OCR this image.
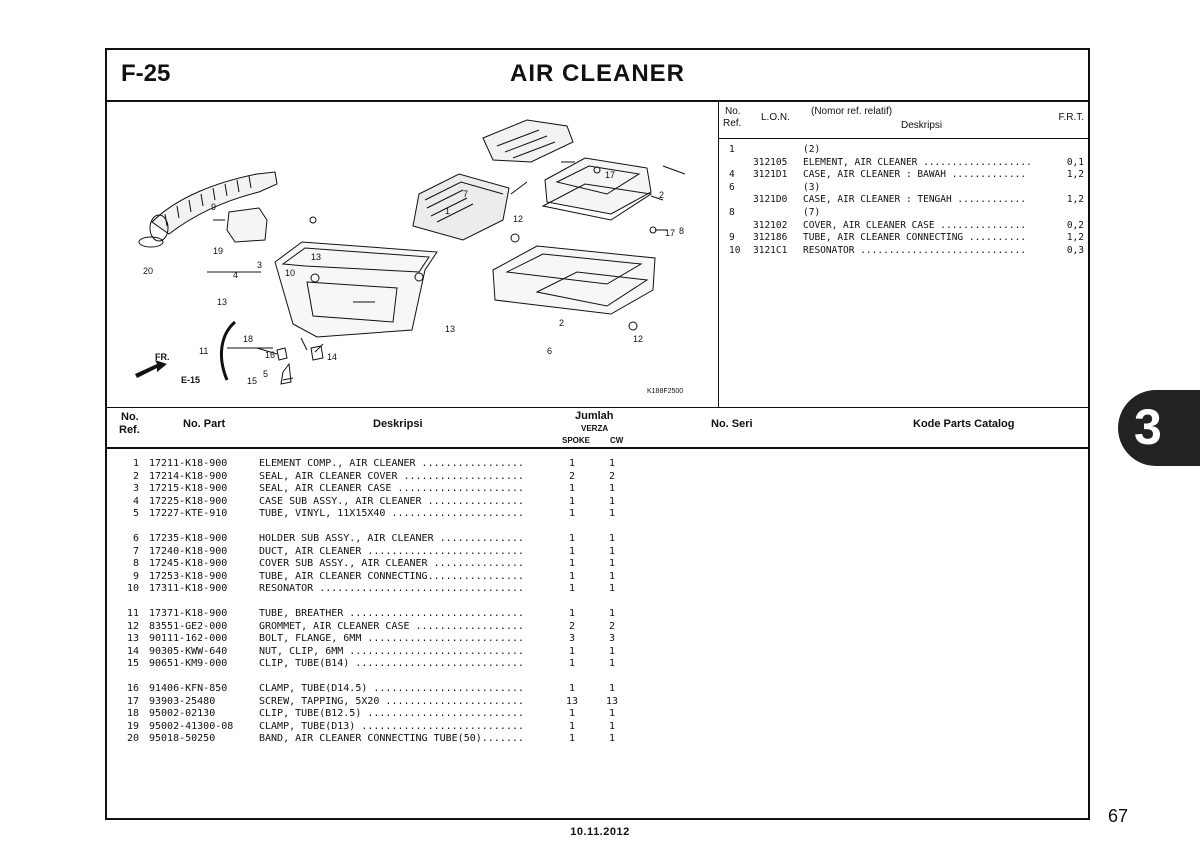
F-25	AIR CLEANER
FR.
E-15
K188F2500
1
2
2
3
4
5
6
7
8
9
10
11
12
12
13
13
13
14
15
16
17
17
18
19
20
No.
Ref.
L.O.N.
(Nomor ref. relatif)
Deskripsi
F.R.T.
1	(2)
312105 ELEMENT, AIR CLEANER ...................	0,1
4 3121D1 CASE, AIR CLEANER : BAWAH .............	1,2
6	(3)
3121D0 CASE, AIR CLEANER : TENGAH ............	1,2
8	(7)
312102 COVER, AIR CLEANER CASE ...............	0,2
9 312186 TUBE, AIR CLEANER CONNECTING ..........	1,2
10 3121C1 RESONATOR .............................	0,3
No.
Ref.	No. Part	Deskripsi
Jumlah
VERZA
SPOKE CW
No. Seri	Kode Parts Catalog
1 17211-K18-900	ELEMENT COMP., AIR CLEANER .................	1	1
2 17214-K18-900	SEAL, AIR CLEANER COVER ....................	2	2
3 17215-K18-900	SEAL, AIR CLEANER CASE .....................	1	1
4 17225-K18-900	CASE SUB ASSY., AIR CLEANER ................	1	1
5 17227-KTE-910	TUBE, VINYL, 11X15X40 ......................	1	1
6 17235-K18-900	HOLDER SUB ASSY., AIR CLEANER ..............	1	1
7 17240-K18-900	DUCT, AIR CLEANER ..........................	1	1
8 17245-K18-900	COVER SUB ASSY., AIR CLEANER ...............	1	1
9 17253-K18-900	TUBE, AIR CLEANER CONNECTING................	1	1
10 17311-K18-900	RESONATOR ..................................	1	1
11 17371-K18-900	TUBE, BREATHER .............................	1	1
12 83551-GE2-000	GROMMET, AIR CLEANER CASE ..................	2	2
13 90111-162-000	BOLT, FLANGE, 6MM ..........................	3	3
14 90305-KWW-640	NUT, CLIP, 6MM .............................	1	1
15 90651-KM9-000	CLIP, TUBE(B14) ............................	1	1
16 91406-KFN-850	CLAMP, TUBE(D14.5) .........................	1	1
17 93903-25480	SCREW, TAPPING, 5X20 .......................	13	13
18 95002-02130	CLIP, TUBE(B12.5) ..........................	1	1
19 95002-41300-08	CLAMP, TUBE(D13) ...........................	1	1
20 95018-50250	BAND, AIR CLEANER CONNECTING TUBE(50).......	1	1
3
67
10.11.2012
